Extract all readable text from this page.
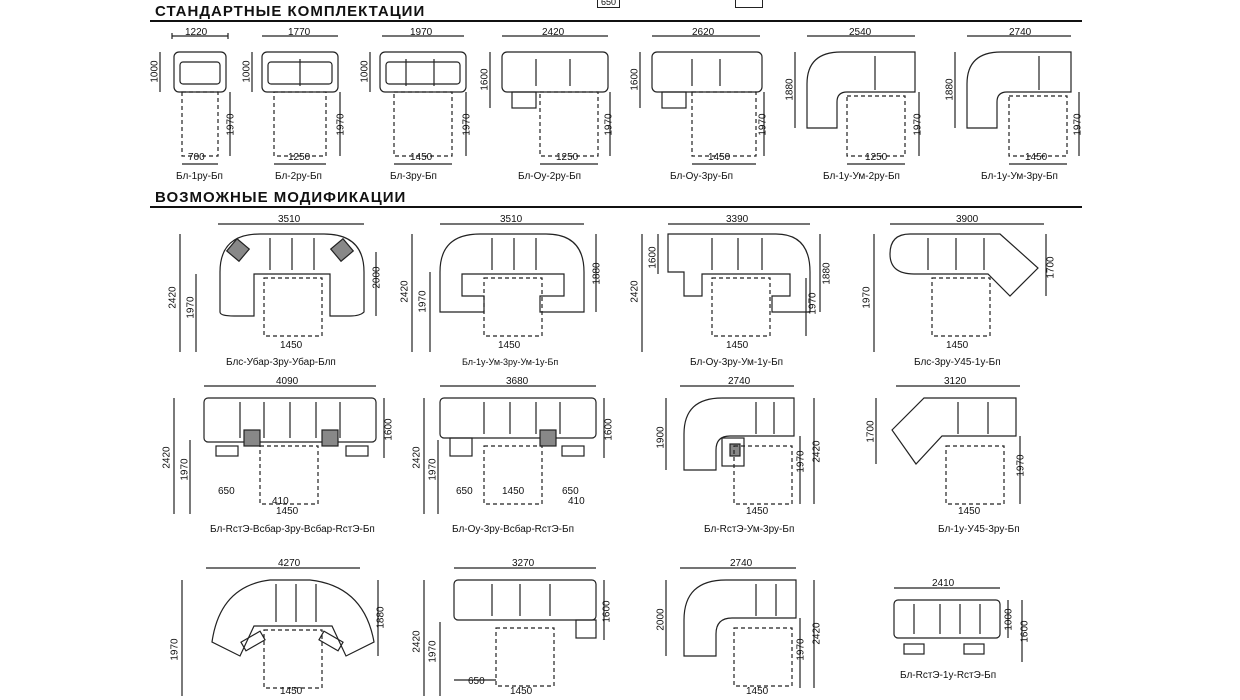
650
СТАНДАРТНЫЕ КОМПЛЕКТАЦИИ
ВОЗМОЖНЫЕ МОДИФИКАЦИИ
1220
1000
1970
700
Бл-1ру-Бп
1770
1000
1970
1250
Бл-2ру-Бп
1970
1000
1970
1450
Бл-3ру-Бп
2420
1600
1970
1250
Бл-Оу-2ру-Бп
2620
1600
1970
1450
Бл-Оу-3ру-Бп
2540
1880
1970
1250
Бл-1у-Ум-2ру-Бп
2740
1880
1970
1450
Бл-1у-Ум-3ру-Бп
3510
2420 1970
2000
1450
Блс-Убар-3ру-Убар-Блп
3510
2420 1970
1880
1450
Бл-1у-Ум-3ру-Ум-1у-Бп
3390
2420
1600
1880
1970
1450
Бл-Оу-3ру-Ум-1у-Бп
3900
1970
1700
1450
Блс-3ру-У45-1у-Бп
4090
2420
1970
1600
650
410
1450
Бл-RcтЭ-Вcбар-3ру-Вcбар-RcтЭ-Бп
3680
2420
1970
1600
650	650
410
1450
Бл-Оу-3ру-Вcбар-RcтЭ-Бп
2740
1900
2420
1970
1450
Бл-RcтЭ-Ум-3ру-Бп
3120
1700
1970
1450
Бл-1у-У45-3ру-Бп
4270
1970
1880
1450
3270
2420 1970
1600
650
1450
2740
2000
2420
1970
1450
2410
1000
1600
Бл-RcтЭ-1у-RcтЭ-Бп
